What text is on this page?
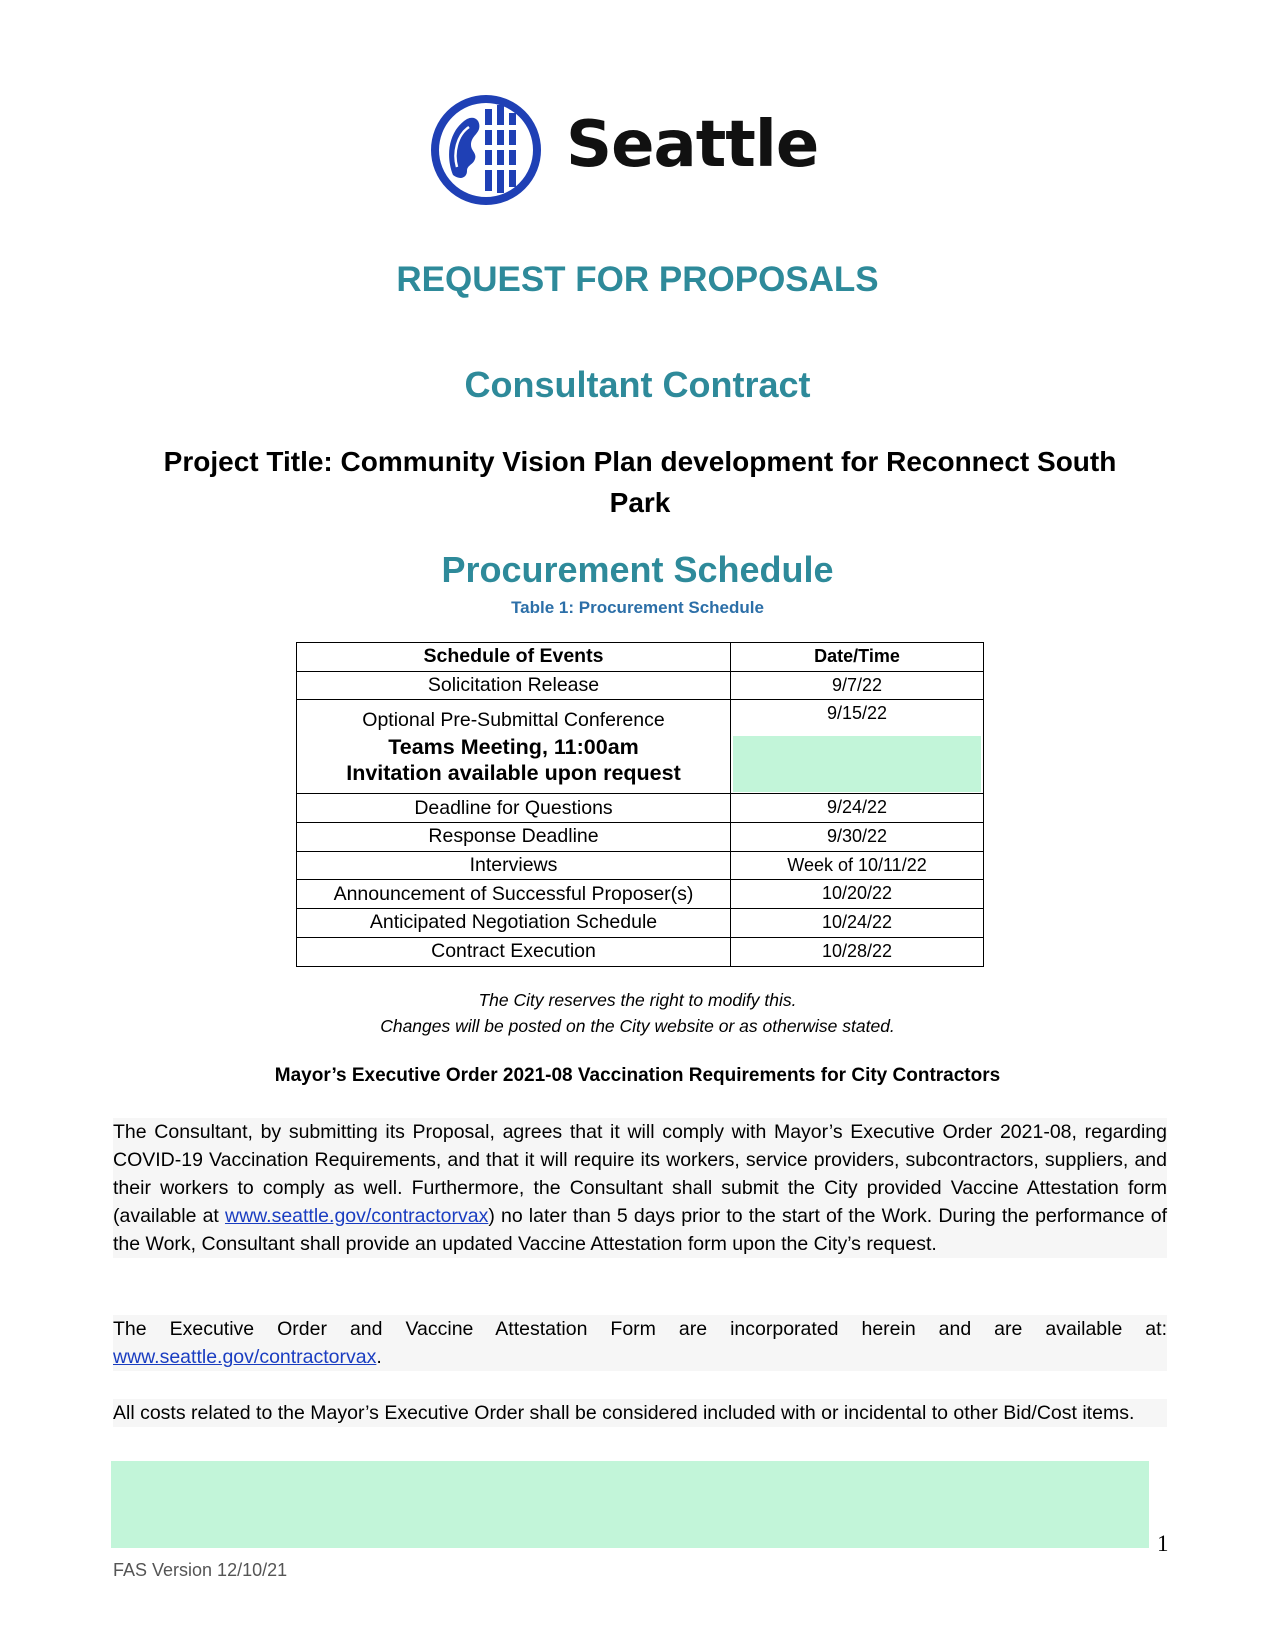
Seattle
REQUEST FOR PROPOSALS
Consultant Contract
Project Title: Community Vision Plan development for Reconnect South Park
Procurement Schedule
Table 1: Procurement Schedule
Schedule of Events	Date/Time
Solicitation Release	9/7/22

Optional Pre-Submittal Conference
Teams Meeting, 11:00am
Invitation available upon request	9/15/22

Deadline for Questions	9/24/22
Response Deadline	9/30/22
Interviews	Week of 10/11/22
Announcement of Successful Proposer(s)	10/20/22
Anticipated Negotiation Schedule	10/24/22
Contract Execution	10/28/22
The City reserves the right to modify this.
Changes will be posted on the City website or as otherwise stated.
Mayor’s Executive Order 2021-08 Vaccination Requirements for City Contractors
The Consultant, by submitting its Proposal, agrees that it will comply with Mayor’s Executive Order 2021-08, regarding COVID-19 Vaccination Requirements, and that it will require its workers, service providers, subcontractors, suppliers, and their workers to comply as well. Furthermore, the Consultant shall submit the City provided Vaccine Attestation form (available at www.seattle.gov/contractorvax) no later than 5 days prior to the start of the Work. During the performance of the Work, Consultant shall provide an updated Vaccine Attestation form upon the City’s request.
The Executive Order and Vaccine Attestation Form are incorporated herein and are available at: www.seattle.gov/contractorvax.
All costs related to the Mayor’s Executive Order shall be considered included with or incidental to other Bid/Cost items.
1
FAS Version 12/10/21
